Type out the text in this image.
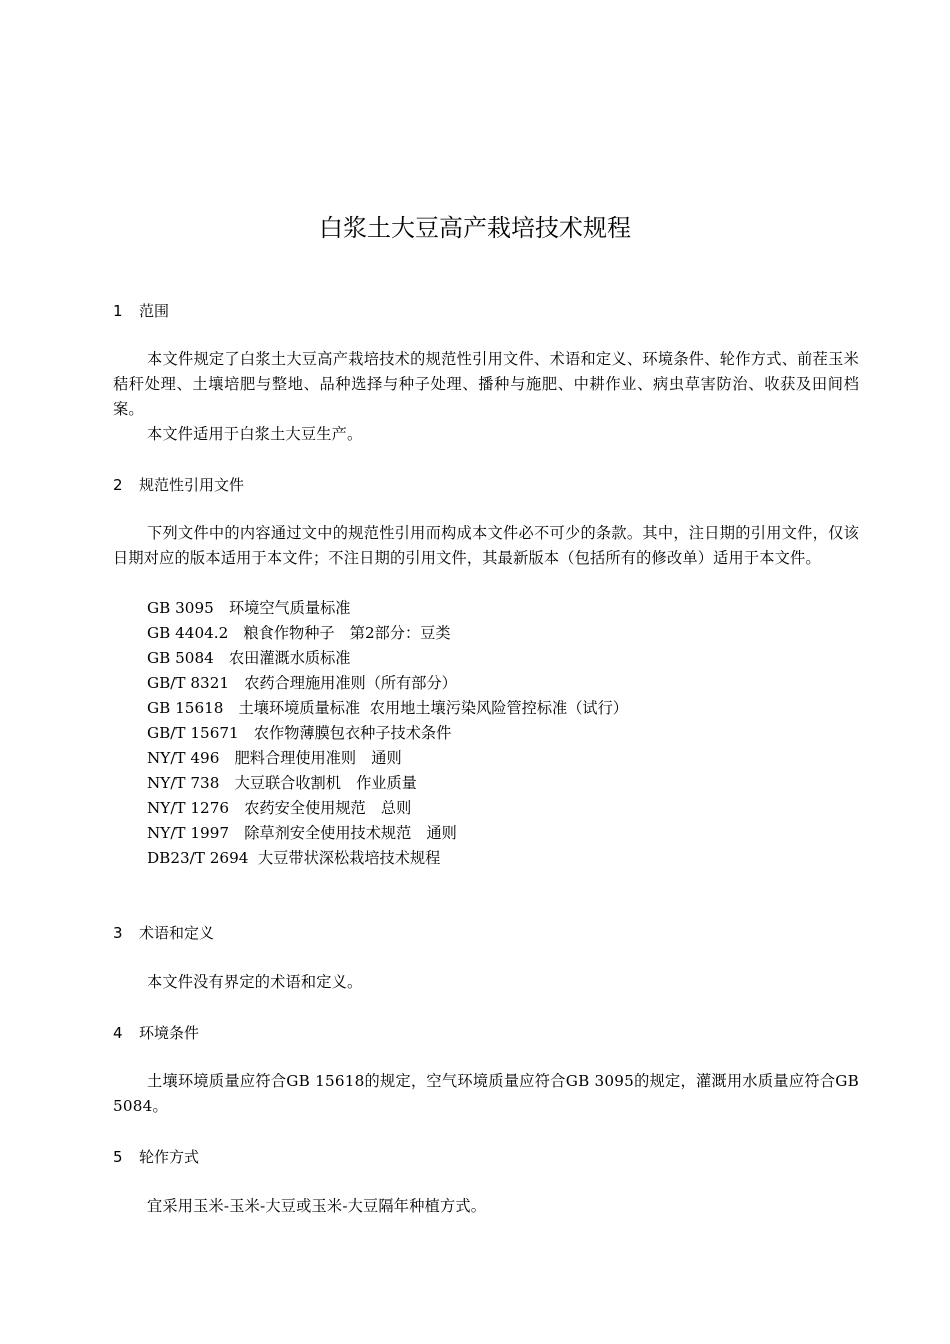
白浆土大豆高产栽培技术规程
1 范围

本文件规定了白浆土大豆高产栽培技术的规范性引用文件、术语和定义、环境条件、轮作方式、前茬玉米秸秆处理、土壤培肥与整地、品种选择与种子处理、播种与施肥、中耕作业、病虫草害防治、收获及田间档案。

本文件适用于白浆土大豆生产。

2 规范性引用文件

下列文件中的内容通过文中的规范性引用而构成本文件必不可少的条款。其中，注日期的引用文件，仅该日期对应的版本适用于本文件；不注日期的引用文件，其最新版本（包括所有的修改单）适用于本文件。

GB 3095　环境空气质量标准
GB 4404.2　粮食作物种子　第2部分：豆类
GB 5084　农田灌溉水质标准
GB/T 8321　农药合理施用准则（所有部分）
GB 15618　土壤环境质量标准  农用地土壤污染风险管控标准（试行）
GB/T 15671　农作物薄膜包衣种子技术条件
NY/T 496　肥料合理使用准则　通则
NY/T 738　大豆联合收割机　作业质量
NY/T 1276　农药安全使用规范　总则
NY/T 1997　除草剂安全使用技术规范　通则
DB23/T 2694  大豆带状深松栽培技术规程
3 术语和定义

本文件没有界定的术语和定义。

4 环境条件

土壤环境质量应符合GB 15618的规定，空气环境质量应符合GB 3095的规定，灌溉用水质量应符合GB 5084。

5 轮作方式

宜采用玉米-玉米-大豆或玉米-大豆隔年种植方式。
